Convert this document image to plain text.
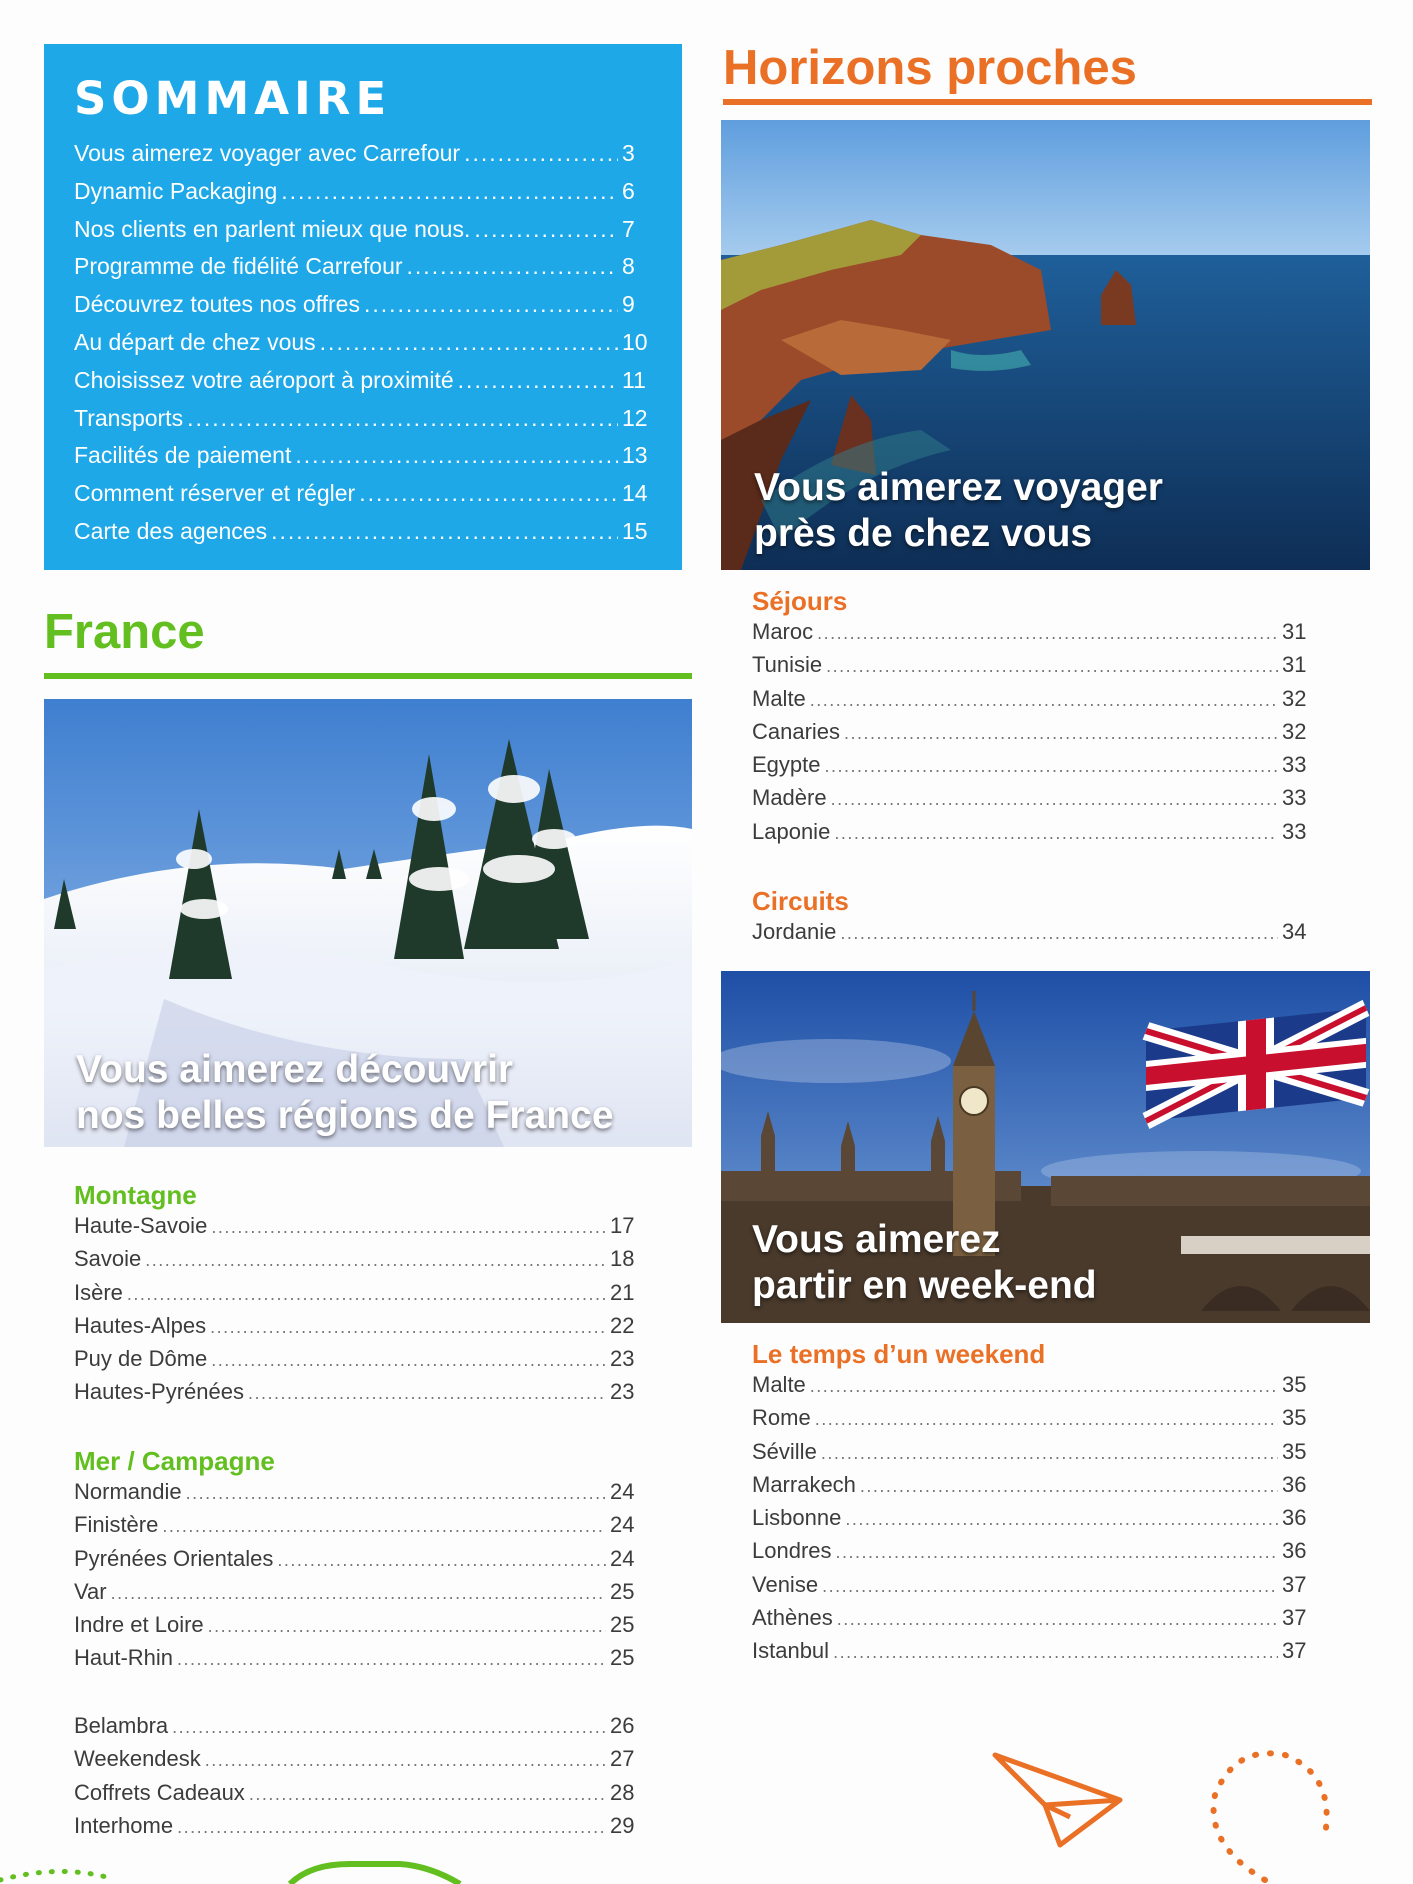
SOMMAIRE
Vous aimerez voyager avec Carrefour .....	3
Dynamic Packaging .....	6
Nos clients en parlent mieux que nous. .....	7
Programme de fidélité Carrefour .....	8
Découvrez toutes nos offres .....	9
Au départ de chez vous .....	10
Choisissez votre aéroport à proximité .....	11
Transports .....	12
Facilités de paiement .....	13
Comment réserver et régler .....	14
Carte des agences .....	15
France
Vous aimerez découvrir
nos belles régions de France
Montagne
Haute-Savoie .....	17
Savoie .....	18
Isère .....	21
Hautes-Alpes .....	22
Puy de Dôme .....	23
Hautes-Pyrénées .....	23
Mer / Campagne
Normandie .....	24
Finistère .....	24
Pyrénées Orientales .....	24
Var .....	25
Indre et Loire .....	25
Haut-Rhin .....	25
Belambra .....	26
Weekendesk .....	27
Coffrets Cadeaux .....	28
Interhome .....	29
Horizons proches
Vous aimerez voyager
près de chez vous
Séjours
Maroc .....	31
Tunisie .....	31
Malte .....	32
Canaries .....	32
Egypte .....	33
Madère .....	33
Laponie .....	33
Circuits
Jordanie .....	34
Vous aimerez
partir en week-end
Le temps d’un weekend
Malte .....	35
Rome .....	35
Séville .....	35
Marrakech .....	36
Lisbonne .....	36
Londres .....	36
Venise .....	37
Athènes .....	37
Istanbul .....	37
